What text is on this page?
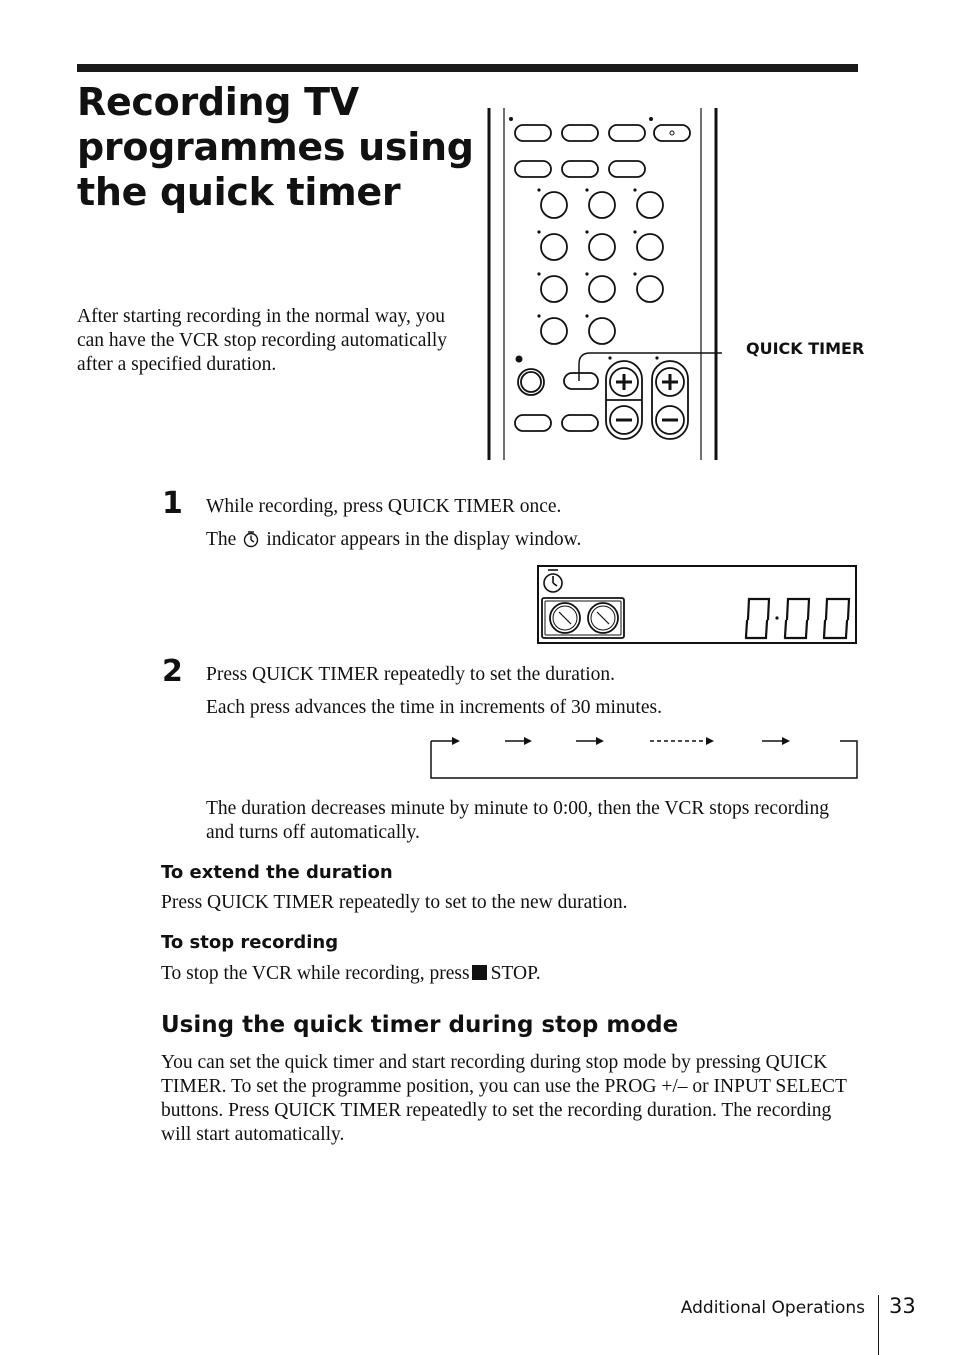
Recording TV programmes using the quick timer
After starting recording in the normal way, you can have the VCR stop recording automatically after a specified duration.
QUICK TIMER
1 While recording, press QUICK TIMER once.
The indicator appears in the display window.
2 Press QUICK TIMER repeatedly to set the duration.
Each press advances the time in increments of 30 minutes.
The duration decreases minute by minute to 0:00, then the VCR stops recording and turns off automatically.
To extend the duration
Press QUICK TIMER repeatedly to set to the new duration.
To stop recording
To stop the VCR while recording, press STOP.
Using the quick timer during stop mode
You can set the quick timer and start recording during stop mode by pressing QUICK TIMER. To set the programme position, you can use the PROG +/– or INPUT SELECT buttons. Press QUICK TIMER repeatedly to set the recording duration. The recording will start automatically.
Additional Operations 33
